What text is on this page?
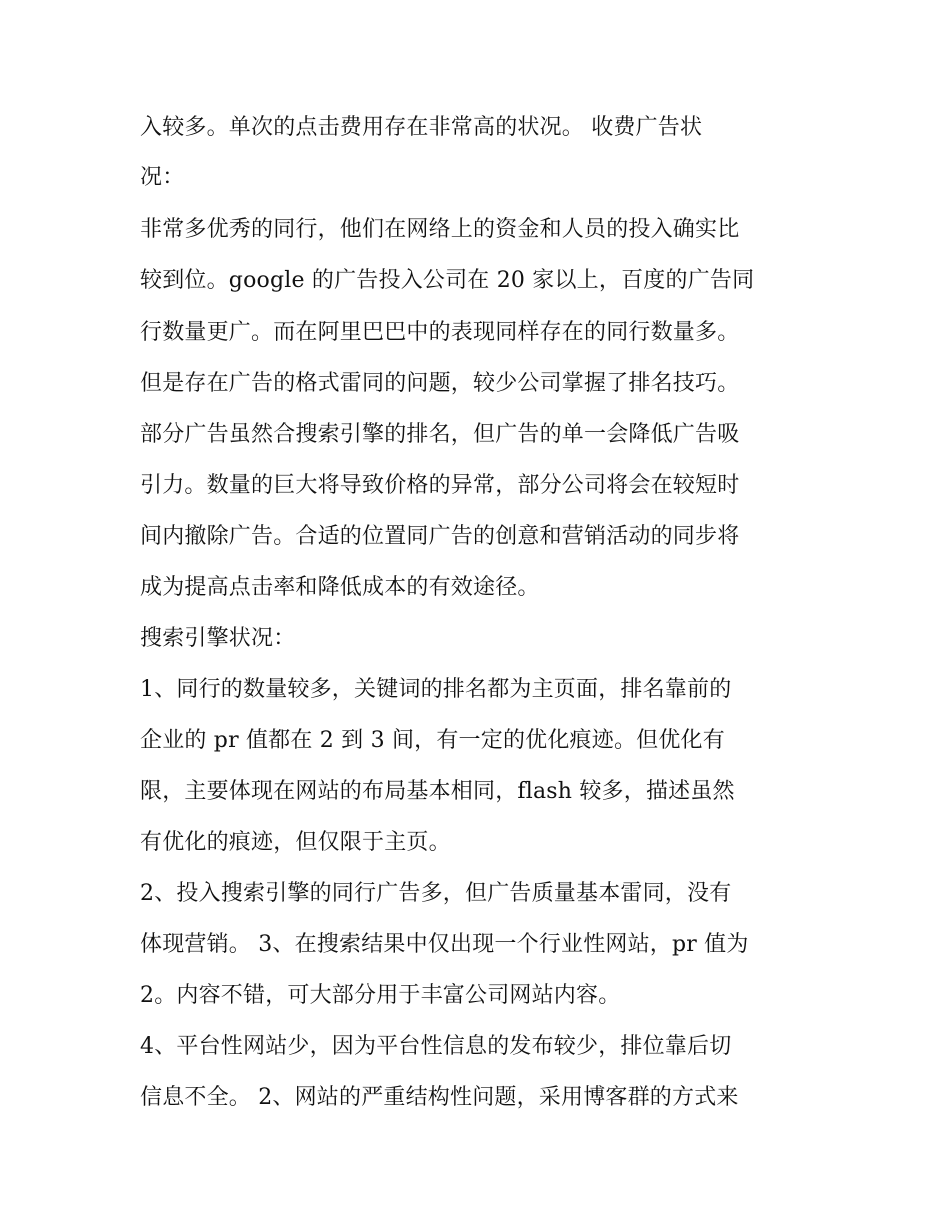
入较多。单次的点击费用存在非常高的状况。 收费广告状
况：
非常多优秀的同行，他们在网络上的资金和人员的投入确实比
较到位。google 的广告投入公司在 20 家以上，百度的广告同
行数量更广。而在阿里巴巴中的表现同样存在的同行数量多。
但是存在广告的格式雷同的问题，较少公司掌握了排名技巧。
部分广告虽然合搜索引擎的排名，但广告的单一会降低广告吸
引力。数量的巨大将导致价格的异常，部分公司将会在较短时
间内撤除广告。合适的位置同广告的创意和营销活动的同步将
成为提高点击率和降低成本的有效途径。
搜索引擎状况：
1、同行的数量较多，关键词的排名都为主页面，排名靠前的
企业的 pr 值都在 2 到 3 间，有一定的优化痕迹。但优化有
限，主要体现在网站的布局基本相同，flash 较多，描述虽然
有优化的痕迹，但仅限于主页。
2、投入搜索引擎的同行广告多，但广告质量基本雷同，没有
体现营销。 3、在搜索结果中仅出现一个行业性网站，pr 值为
2。内容不错，可大部分用于丰富公司网站内容。
4、平台性网站少，因为平台性信息的发布较少，排位靠后切
信息不全。 2、网站的严重结构性问题，采用博客群的方式来
